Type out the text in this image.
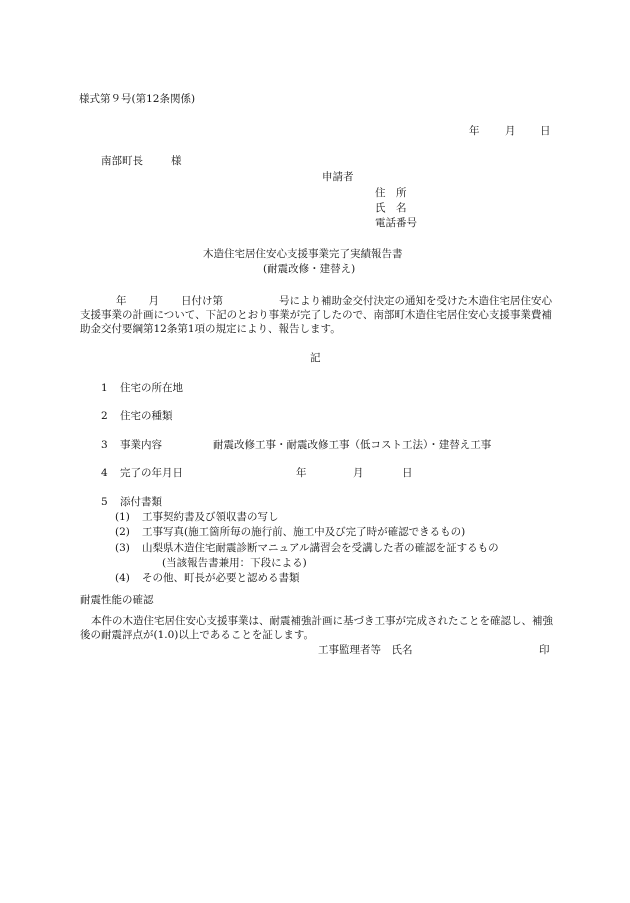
様式第９号(第12条関係)
年 月 日
南部町長	様
申請者
住　所
氏　名
電話番号
木造住宅居住安心支援事業完了実績報告書
(耐震改修・建替え)
年 月 日付け第	号により補助金交付決定の通知を受けた木造住宅居住安心支援事業の計画について、下記のとおり事業が完了したので、南部町木造住宅居住安心支援事業費補助金交付要綱第12条第1項の規定により、報告します。
記
1 住宅の所在地
2 住宅の種類
3 事業内容	耐震改修工事・耐震改修工事（低コスト工法）・建替え工事
4 完了の年月日	年	月	日
5 添付書類
(1) 工事契約書及び領収書の写し
(2) 工事写真(施工箇所毎の施行前、施工中及び完了時が確認できるもの)
(3) 山梨県木造住宅耐震診断マニュアル講習会を受講した者の確認を証するもの
(当該報告書兼用：下段による)
(4) その他、町長が必要と認める書類
耐震性能の確認
本件の木造住宅居住安心支援事業は、耐震補強計画に基づき工事が完成されたことを確認し、補強後の耐震評点が(1.0)以上であることを証します。
工事監理者等　氏名	印
